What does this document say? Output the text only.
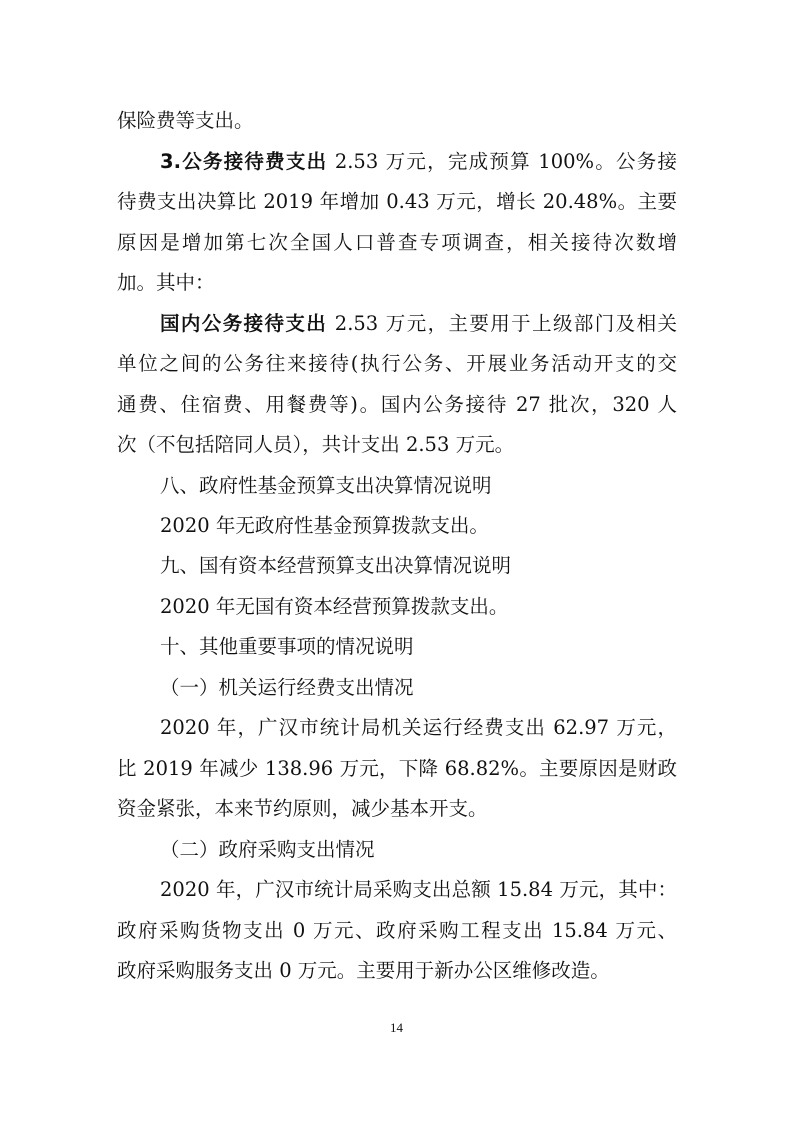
保险费等支出。
3.公务接待费支出 2.53 万元，完成预算 100%。公务接
待费支出决算比 2019 年增加 0.43 万元，增长 20.48%。主要
原因是增加第七次全国人口普查专项调查，相关接待次数增
加。其中：
国内公务接待支出 2.53 万元，主要用于上级部门及相关
单位之间的公务往来接待(执行公务、开展业务活动开支的交
通费、住宿费、用餐费等)。国内公务接待 27 批次，320 人
次（不包括陪同人员），共计支出 2.53 万元。
八、政府性基金预算支出决算情况说明
2020 年无政府性基金预算拨款支出。
九、国有资本经营预算支出决算情况说明
2020 年无国有资本经营预算拨款支出。
十、其他重要事项的情况说明
（一）机关运行经费支出情况
2020 年，广汉市统计局机关运行经费支出 62.97 万元，
比 2019 年减少 138.96 万元，下降 68.82%。主要原因是财政
资金紧张，本来节约原则，减少基本开支。
（二）政府采购支出情况
2020 年，广汉市统计局采购支出总额 15.84 万元，其中：
政府采购货物支出 0 万元、政府采购工程支出 15.84 万元、
政府采购服务支出 0 万元。主要用于新办公区维修改造。
14
